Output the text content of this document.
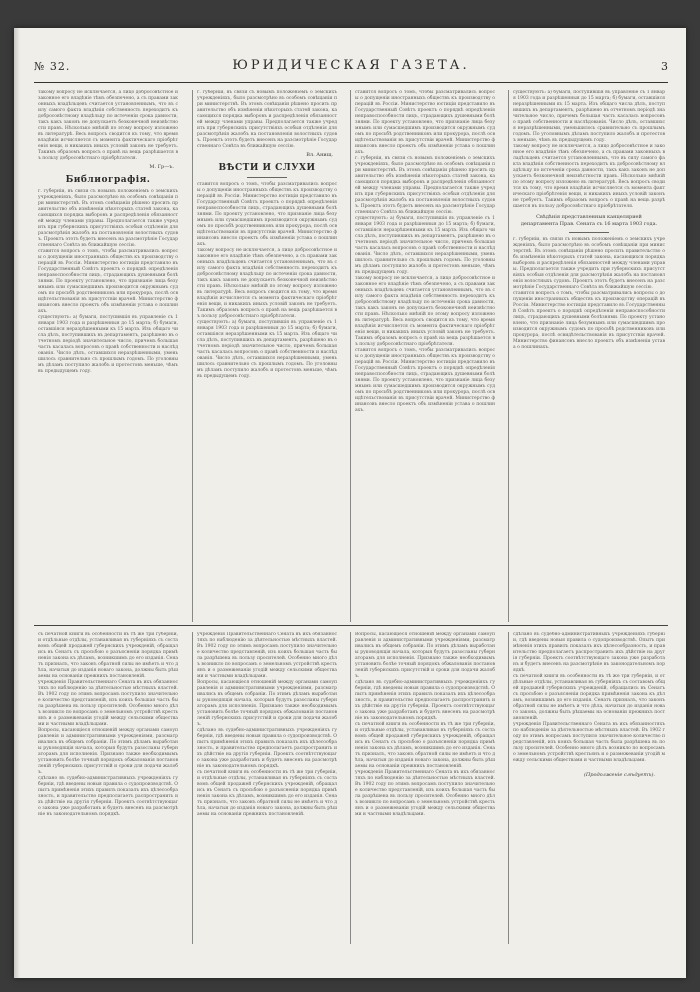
№ 32.	ЮРИДИЧЕСКАЯ ГАЗЕТА.	3
такому вопросу не исключается, а лицо добросовѣстное и законное его владѣніе тѣмъ обезпечено, а съ правами законныхъ владѣльцевъ считается установленнымъ, что въ силу самого факта владѣнія собственность переходитъ къ добросовѣстному владѣльцу по истеченіи срока давности, такъ какъ законъ не допускаетъ безконечной неизвѣстности правъ. Нѣсколько мнѣній по этому вопросу изложено въ литературѣ. Весь вопросъ сводится къ тому, что время владѣнія исчисляется съ момента фактическаго пріобрѣтенія вещи, и никакихъ иныхъ условій законъ не требуетъ. Такимъ образомъ вопросъ о правѣ на вещь разрѣшается въ пользу добросовѣстнаго пріобрѣтателя.
М. Гр—ъ.
Библиографія.
г. губерніи, въ связи съ новымъ положеніемъ о земскихъ учрежденіяхъ, было разсмотрѣно въ особомъ совѣщаніи при министерствѣ. Въ этомъ совѣщаніи рѣшено просить правительство объ измѣненіи нѣкоторыхъ статей закона, касающихся порядка выборовъ и распредѣленія обязанностей между членами управы. Предполагается также учредить при губернскихъ присутствіяхъ особыя отдѣленія для разсмотрѣнія жалобъ на постановленія волостныхъ судовъ. Проектъ этотъ будетъ внесенъ на разсмотрѣніе Государственнаго Совѣта въ ближайшую сессію.
ставится вопросъ о томъ, чтобы разсматривались вопросы о допущеніи иностранныхъ обществъ къ производству операцій въ Россіи. Министерство юстиціи представило въ Государственный Совѣтъ проектъ о порядкѣ опредѣленія неправоспособности лицъ, страдающихъ душевными болѣзнями. По проекту установлено, что признаніе лица безумнымъ или сумасшедшимъ производится окружнымъ судомъ по просьбѣ родственниковъ или прокурора, послѣ освидѣтельствованія въ присутствіи врачей. Министерство финансовъ внесло проектъ объ измѣненіи устава о пошлинахъ.
существуютъ: а) бумаги, поступившія въ управленіе съ 1 января 1903 года и разрѣшенныя до 15 марта; б) бумаги, оставшіяся неразрѣшенными къ 15 марта. Изъ общаго числа дѣлъ, поступившихъ въ департаментъ, разрѣшено въ отчетномъ періодѣ значительное число, причемъ большая часть касалась вопросовъ о правѣ собственности и наслѣдованія. Число дѣлъ, оставшихся неразрѣшенными, уменьшилось сравнительно съ прошлымъ годомъ. По уголовнымъ дѣламъ поступило жалобъ и протестовъ меньше, чѣмъ въ предыдущемъ году.
г. губерніи, въ связи съ новымъ положеніемъ о земскихъ учрежденіяхъ, было разсмотрѣно въ особомъ совѣщаніи при министерствѣ. Въ этомъ совѣщаніи рѣшено просить правительство объ измѣненіи нѣкоторыхъ статей закона, касающихся порядка выборовъ и распредѣленія обязанностей между членами управы. Предполагается также учредить при губернскихъ присутствіяхъ особыя отдѣленія для разсмотрѣнія жалобъ на постановленія волостныхъ судовъ. Проектъ этотъ будетъ внесенъ на разсмотрѣніе Государственнаго Совѣта въ ближайшую сессію.
Вл. Анищ.
ВѢСТИ И СЛУХИ
ставится вопросъ о томъ, чтобы разсматривались вопросы о допущеніи иностранныхъ обществъ къ производству операцій въ Россіи. Министерство юстиціи представило въ Государственный Совѣтъ проектъ о порядкѣ опредѣленія неправоспособности лицъ, страдающихъ душевными болѣзнями. По проекту установлено, что признаніе лица безумнымъ или сумасшедшимъ производится окружнымъ судомъ по просьбѣ родственниковъ или прокурора, послѣ освидѣтельствованія въ присутствіи врачей. Министерство финансовъ внесло проектъ объ измѣненіи устава о пошлинахъ.
такому вопросу не исключается, а лицо добросовѣстное и законное его владѣніе тѣмъ обезпечено, а съ правами законныхъ владѣльцевъ считается установленнымъ, что въ силу самого факта владѣнія собственность переходитъ къ добросовѣстному владѣльцу по истеченіи срока давности, такъ какъ законъ не допускаетъ безконечной неизвѣстности правъ. Нѣсколько мнѣній по этому вопросу изложено въ литературѣ. Весь вопросъ сводится къ тому, что время владѣнія исчисляется съ момента фактическаго пріобрѣтенія вещи, и никакихъ иныхъ условій законъ не требуетъ. Такимъ образомъ вопросъ о правѣ на вещь разрѣшается въ пользу добросовѣстнаго пріобрѣтателя.
существуютъ: а) бумаги, поступившія въ управленіе съ 1 января 1903 года и разрѣшенныя до 15 марта; б) бумаги, оставшіяся неразрѣшенными къ 15 марта. Изъ общаго числа дѣлъ, поступившихъ въ департаментъ, разрѣшено въ отчетномъ періодѣ значительное число, причемъ большая часть касалась вопросовъ о правѣ собственности и наслѣдованія. Число дѣлъ, оставшихся неразрѣшенными, уменьшилось сравнительно съ прошлымъ годомъ. По уголовнымъ дѣламъ поступило жалобъ и протестовъ меньше, чѣмъ въ предыдущемъ году.
ставится вопросъ о томъ, чтобы разсматривались вопросы о допущеніи иностранныхъ обществъ къ производству операцій въ Россіи. Министерство юстиціи представило въ Государственный Совѣтъ проектъ о порядкѣ опредѣленія неправоспособности лицъ, страдающихъ душевными болѣзнями. По проекту установлено, что признаніе лица безумнымъ или сумасшедшимъ производится окружнымъ судомъ по просьбѣ родственниковъ или прокурора, послѣ освидѣтельствованія въ присутствіи врачей. Министерство финансовъ внесло проектъ объ измѣненіи устава о пошлинахъ.
г. губерніи, въ связи съ новымъ положеніемъ о земскихъ учрежденіяхъ, было разсмотрѣно въ особомъ совѣщаніи при министерствѣ. Въ этомъ совѣщаніи рѣшено просить правительство объ измѣненіи нѣкоторыхъ статей закона, касающихся порядка выборовъ и распредѣленія обязанностей между членами управы. Предполагается также учредить при губернскихъ присутствіяхъ особыя отдѣленія для разсмотрѣнія жалобъ на постановленія волостныхъ судовъ. Проектъ этотъ будетъ внесенъ на разсмотрѣніе Государственнаго Совѣта въ ближайшую сессію.
существуютъ: а) бумаги, поступившія въ управленіе съ 1 января 1903 года и разрѣшенныя до 15 марта; б) бумаги, оставшіяся неразрѣшенными къ 15 марта. Изъ общаго числа дѣлъ, поступившихъ въ департаментъ, разрѣшено въ отчетномъ періодѣ значительное число, причемъ большая часть касалась вопросовъ о правѣ собственности и наслѣдованія. Число дѣлъ, оставшихся неразрѣшенными, уменьшилось сравнительно съ прошлымъ годомъ. По уголовнымъ дѣламъ поступило жалобъ и протестовъ меньше, чѣмъ въ предыдущемъ году.
такому вопросу не исключается, а лицо добросовѣстное и законное его владѣніе тѣмъ обезпечено, а съ правами законныхъ владѣльцевъ считается установленнымъ, что въ силу самого факта владѣнія собственность переходитъ къ добросовѣстному владѣльцу по истеченіи срока давности, такъ какъ законъ не допускаетъ безконечной неизвѣстности правъ. Нѣсколько мнѣній по этому вопросу изложено въ литературѣ. Весь вопросъ сводится къ тому, что время владѣнія исчисляется съ момента фактическаго пріобрѣтенія вещи, и никакихъ иныхъ условій законъ не требуетъ. Такимъ образомъ вопросъ о правѣ на вещь разрѣшается въ пользу добросовѣстнаго пріобрѣтателя.
ставится вопросъ о томъ, чтобы разсматривались вопросы о допущеніи иностранныхъ обществъ къ производству операцій въ Россіи. Министерство юстиціи представило въ Государственный Совѣтъ проектъ о порядкѣ опредѣленія неправоспособности лицъ, страдающихъ душевными болѣзнями. По проекту установлено, что признаніе лица безумнымъ или сумасшедшимъ производится окружнымъ судомъ по просьбѣ родственниковъ или прокурора, послѣ освидѣтельствованія въ присутствіи врачей. Министерство финансовъ внесло проектъ объ измѣненіи устава о пошлинахъ.
существуютъ: а) бумаги, поступившія въ управленіе съ 1 января 1903 года и разрѣшенныя до 15 марта; б) бумаги, оставшіяся неразрѣшенными къ 15 марта. Изъ общаго числа дѣлъ, поступившихъ въ департаментъ, разрѣшено въ отчетномъ періодѣ значительное число, причемъ большая часть касалась вопросовъ о правѣ собственности и наслѣдованія. Число дѣлъ, оставшихся неразрѣшенными, уменьшилось сравнительно съ прошлымъ годомъ. По уголовнымъ дѣламъ поступило жалобъ и протестовъ меньше, чѣмъ въ предыдущемъ году.
такому вопросу не исключается, а лицо добросовѣстное и законное его владѣніе тѣмъ обезпечено, а съ правами законныхъ владѣльцевъ считается установленнымъ, что въ силу самого факта владѣнія собственность переходитъ къ добросовѣстному владѣльцу по истеченіи срока давности, такъ какъ законъ не допускаетъ безконечной неизвѣстности правъ. Нѣсколько мнѣній по этому вопросу изложено въ литературѣ. Весь вопросъ сводится къ тому, что время владѣнія исчисляется съ момента фактическаго пріобрѣтенія вещи, и никакихъ иныхъ условій законъ не требуетъ. Такимъ образомъ вопросъ о правѣ на вещь разрѣшается въ пользу добросовѣстнаго пріобрѣтателя.
Свѣдѣнія представленныя канцелярией департамента Прав. Сената съ 16 марта 1903 года.
г. губерніи, въ связи съ новымъ положеніемъ о земскихъ учрежденіяхъ, было разсмотрѣно въ особомъ совѣщаніи при министерствѣ. Въ этомъ совѣщаніи рѣшено просить правительство объ измѣненіи нѣкоторыхъ статей закона, касающихся порядка выборовъ и распредѣленія обязанностей между членами управы. Предполагается также учредить при губернскихъ присутствіяхъ особыя отдѣленія для разсмотрѣнія жалобъ на постановленія волостныхъ судовъ. Проектъ этотъ будетъ внесенъ на разсмотрѣніе Государственнаго Совѣта въ ближайшую сессію.
ставится вопросъ о томъ, чтобы разсматривались вопросы о допущеніи иностранныхъ обществъ къ производству операцій въ Россіи. Министерство юстиціи представило въ Государственный Совѣтъ проектъ о порядкѣ опредѣленія неправоспособности лицъ, страдающихъ душевными болѣзнями. По проекту установлено, что признаніе лица безумнымъ или сумасшедшимъ производится окружнымъ судомъ по просьбѣ родственниковъ или прокурора, послѣ освидѣтельствованія въ присутствіи врачей. Министерство финансовъ внесло проектъ объ измѣненіи устава о пошлинахъ.
съ печатной книги въ особенности въ тѣ же три губерніи, и отдѣльные отдѣлы, устанавливая въ губерніяхъ съ составомъ общей продажей губернскихъ учрежденій, обращались въ Сенатъ съ просьбою о разъясненіи порядка примѣненія закона къ дѣламъ, возникшимъ до его изданія. Сенатъ призналъ, что законъ обратной силы не имѣетъ и что дѣла, начатыя до изданія новаго закона, должны быть рѣшаемы на основаніи прежнихъ постановленій.
учрежденія Правительственнаго Сената въ ихъ обязанностяхъ по наблюденію за дѣятельностью мѣстныхъ властей. Въ 1902 году по этимъ вопросамъ поступило значительное количество представленій, изъ коихъ большая часть была разрѣшена въ пользу просителей. Особенно много дѣлъ возникло по вопросамъ о земельномъ устройствѣ крестьянъ и о размежеваніи угодій между сельскими обществами и частными владѣльцами.
Вопросы, касающіеся отношеній между органами самоуправленія и административными учрежденіями, разсматривались въ общемъ собраніи. По этимъ дѣламъ выработаны руководящія начала, которыя будутъ разосланы губернаторамъ для исполненія. Признано также необходимымъ установить болѣе точный порядокъ обжалованія постановленій губернскихъ присутствій и сроки для подачи жалобъ.
сдѣлано въ судебно-административныхъ учрежденіяхъ губерніи, гдѣ введены новыя правила о судопроизводствѣ. Опытъ примѣненія этихъ правилъ показалъ ихъ цѣлесообразность, и правительство предполагаетъ распространить ихъ дѣйствіе на другія губерніи. Проектъ соотвѣтствующаго закона уже разработанъ и будетъ внесенъ на разсмотрѣніе въ законодательномъ порядкѣ.
учрежденія Правительственнаго Сената въ ихъ обязанностяхъ по наблюденію за дѣятельностью мѣстныхъ властей. Въ 1902 году по этимъ вопросамъ поступило значительное количество представленій, изъ коихъ большая часть была разрѣшена въ пользу просителей. Особенно много дѣлъ возникло по вопросамъ о земельномъ устройствѣ крестьянъ и о размежеваніи угодій между сельскими обществами и частными владѣльцами.
Вопросы, касающіеся отношеній между органами самоуправленія и административными учрежденіями, разсматривались въ общемъ собраніи. По этимъ дѣламъ выработаны руководящія начала, которыя будутъ разосланы губернаторамъ для исполненія. Признано также необходимымъ установить болѣе точный порядокъ обжалованія постановленій губернскихъ присутствій и сроки для подачи жалобъ.
сдѣлано въ судебно-административныхъ учрежденіяхъ губерніи, гдѣ введены новыя правила о судопроизводствѣ. Опытъ примѣненія этихъ правилъ показалъ ихъ цѣлесообразность, и правительство предполагаетъ распространить ихъ дѣйствіе на другія губерніи. Проектъ соотвѣтствующаго закона уже разработанъ и будетъ внесенъ на разсмотрѣніе въ законодательномъ порядкѣ.
съ печатной книги въ особенности въ тѣ же три губерніи, и отдѣльные отдѣлы, устанавливая въ губерніяхъ съ составомъ общей продажей губернскихъ учрежденій, обращались въ Сенатъ съ просьбою о разъясненіи порядка примѣненія закона къ дѣламъ, возникшимъ до его изданія. Сенатъ призналъ, что законъ обратной силы не имѣетъ и что дѣла, начатыя до изданія новаго закона, должны быть рѣшаемы на основаніи прежнихъ постановленій.
Вопросы, касающіеся отношеній между органами самоуправленія и административными учрежденіями, разсматривались въ общемъ собраніи. По этимъ дѣламъ выработаны руководящія начала, которыя будутъ разосланы губернаторамъ для исполненія. Признано также необходимымъ установить болѣе точный порядокъ обжалованія постановленій губернскихъ присутствій и сроки для подачи жалобъ.
сдѣлано въ судебно-административныхъ учрежденіяхъ губерніи, гдѣ введены новыя правила о судопроизводствѣ. Опытъ примѣненія этихъ правилъ показалъ ихъ цѣлесообразность, и правительство предполагаетъ распространить ихъ дѣйствіе на другія губерніи. Проектъ соотвѣтствующаго закона уже разработанъ и будетъ внесенъ на разсмотрѣніе въ законодательномъ порядкѣ.
съ печатной книги въ особенности въ тѣ же три губерніи, и отдѣльные отдѣлы, устанавливая въ губерніяхъ съ составомъ общей продажей губернскихъ учрежденій, обращались въ Сенатъ съ просьбою о разъясненіи порядка примѣненія закона къ дѣламъ, возникшимъ до его изданія. Сенатъ призналъ, что законъ обратной силы не имѣетъ и что дѣла, начатыя до изданія новаго закона, должны быть рѣшаемы на основаніи прежнихъ постановленій.
учрежденія Правительственнаго Сената въ ихъ обязанностяхъ по наблюденію за дѣятельностью мѣстныхъ властей. Въ 1902 году по этимъ вопросамъ поступило значительное количество представленій, изъ коихъ большая часть была разрѣшена въ пользу просителей. Особенно много дѣлъ возникло по вопросамъ о земельномъ устройствѣ крестьянъ и о размежеваніи угодій между сельскими обществами и частными владѣльцами.
сдѣлано въ судебно-административныхъ учрежденіяхъ губерніи, гдѣ введены новыя правила о судопроизводствѣ. Опытъ примѣненія этихъ правилъ показалъ ихъ цѣлесообразность, и правительство предполагаетъ распространить ихъ дѣйствіе на другія губерніи. Проектъ соотвѣтствующаго закона уже разработанъ и будетъ внесенъ на разсмотрѣніе въ законодательномъ порядкѣ.
съ печатной книги въ особенности въ тѣ же три губерніи, и отдѣльные отдѣлы, устанавливая въ губерніяхъ съ составомъ общей продажей губернскихъ учрежденій, обращались въ Сенатъ съ просьбою о разъясненіи порядка примѣненія закона къ дѣламъ, возникшимъ до его изданія. Сенатъ призналъ, что законъ обратной силы не имѣетъ и что дѣла, начатыя до изданія новаго закона, должны быть рѣшаемы на основаніи прежнихъ постановленій.
учрежденія Правительственнаго Сената въ ихъ обязанностяхъ по наблюденію за дѣятельностью мѣстныхъ властей. Въ 1902 году по этимъ вопросамъ поступило значительное количество представленій, изъ коихъ большая часть была разрѣшена въ пользу просителей. Особенно много дѣлъ возникло по вопросамъ о земельномъ устройствѣ крестьянъ и о размежеваніи угодій между сельскими обществами и частными владѣльцами.
(Продолженіе слѣдуетъ).
